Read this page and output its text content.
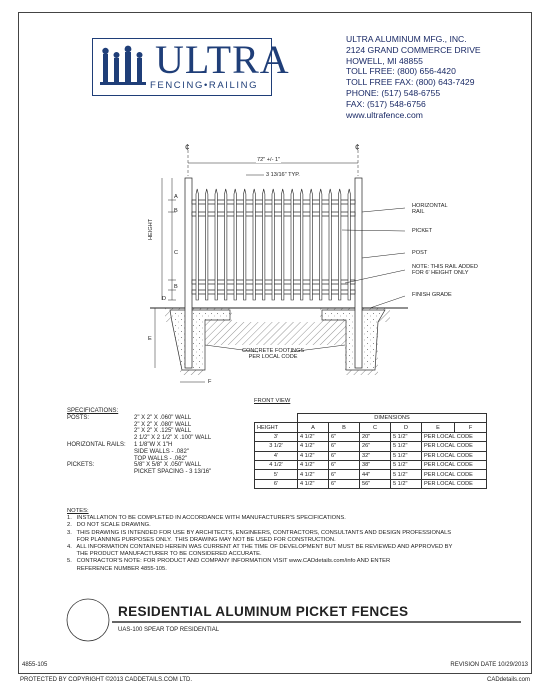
ULTRA
FENCING•RAILING
ULTRA ALUMINUM MFG., INC.
2124 GRAND COMMERCE DRIVE
HOWELL, MI 48855
TOLL FREE: (800) 656-4420
TOLL FREE FAX: (800) 643-7429
PHONE: (517) 548-6755
FAX: (517) 548-6756
www.ultrafence.com
¢	¢
72" +/- 1"
3 13/16" TYP.
HEIGHT
A
B
C
B
D
E
F
HORIZONTAL
RAIL
PICKET
POST
NOTE: THIS RAIL ADDED
FOR 6' HEIGHT ONLY
FINISH GRADE
CONCRETE FOOTINGS
PER LOCAL CODE
SPECIFICATIONS:
POSTS:	2" X 2" X .060" WALL
2" X 2" X .080" WALL
2" X 2" X .125" WALL
2 1/2" X 2 1/2" X .100" WALL
HORIZONTAL RAILS: 1 1/8"W X 1"H
SIDE WALLS - .082"
TOP WALLS - .062"
PICKETS:	5/8" X 5/8" X .050" WALL
PICKET SPACING - 3 13/16"
FRONT VIEW
	DIMENSIONS					
HEIGHT	A	B	C	D	E	F
3'	4 1/2"	6"	20"	5 1/2"	PER LOCAL CODE	
3 1/2'	4 1/2"	6"	26"	5 1/2"	PER LOCAL CODE	
4'	4 1/2"	6"	32"	5 1/2"	PER LOCAL CODE	
4 1/2'	4 1/2"	6"	38"	5 1/2"	PER LOCAL CODE	
5'	4 1/2"	6"	44"	5 1/2"	PER LOCAL CODE	
6'	4 1/2"	6"	56"	5 1/2"	PER LOCAL CODE	
NOTES:
1.   INSTALLATION TO BE COMPLETED IN ACCORDANCE WITH MANUFACTURER'S SPECIFICATIONS.
2.   DO NOT SCALE DRAWING.
3.   THIS DRAWING IS INTENDED FOR USE BY ARCHITECTS, ENGINEERS, CONTRACTORS, CONSULTANTS AND DESIGN PROFESSIONALS
FOR PLANNING PURPOSES ONLY.  THIS DRAWING MAY NOT BE USED FOR CONSTRUCTION.
4.   ALL INFORMATION CONTAINED HEREIN WAS CURRENT AT THE TIME OF DEVELOPMENT BUT MUST BE REVIEWED AND APPROVED BY
THE PRODUCT MANUFACTURER TO BE CONSIDERED ACCURATE.
5.   CONTRACTOR'S NOTE: FOR PRODUCT AND COMPANY INFORMATION VISIT www.CADdetails.com/info AND ENTER
REFERENCE NUMBER 4855-105.
RESIDENTIAL ALUMINUM PICKET FENCES
UAS-100 SPEAR TOP RESIDENTIAL
4855-105	REVISION DATE 10/29/2013
PROTECTED BY COPYRIGHT ©2013 CADDETAILS.COM LTD.	CADdetails.com
